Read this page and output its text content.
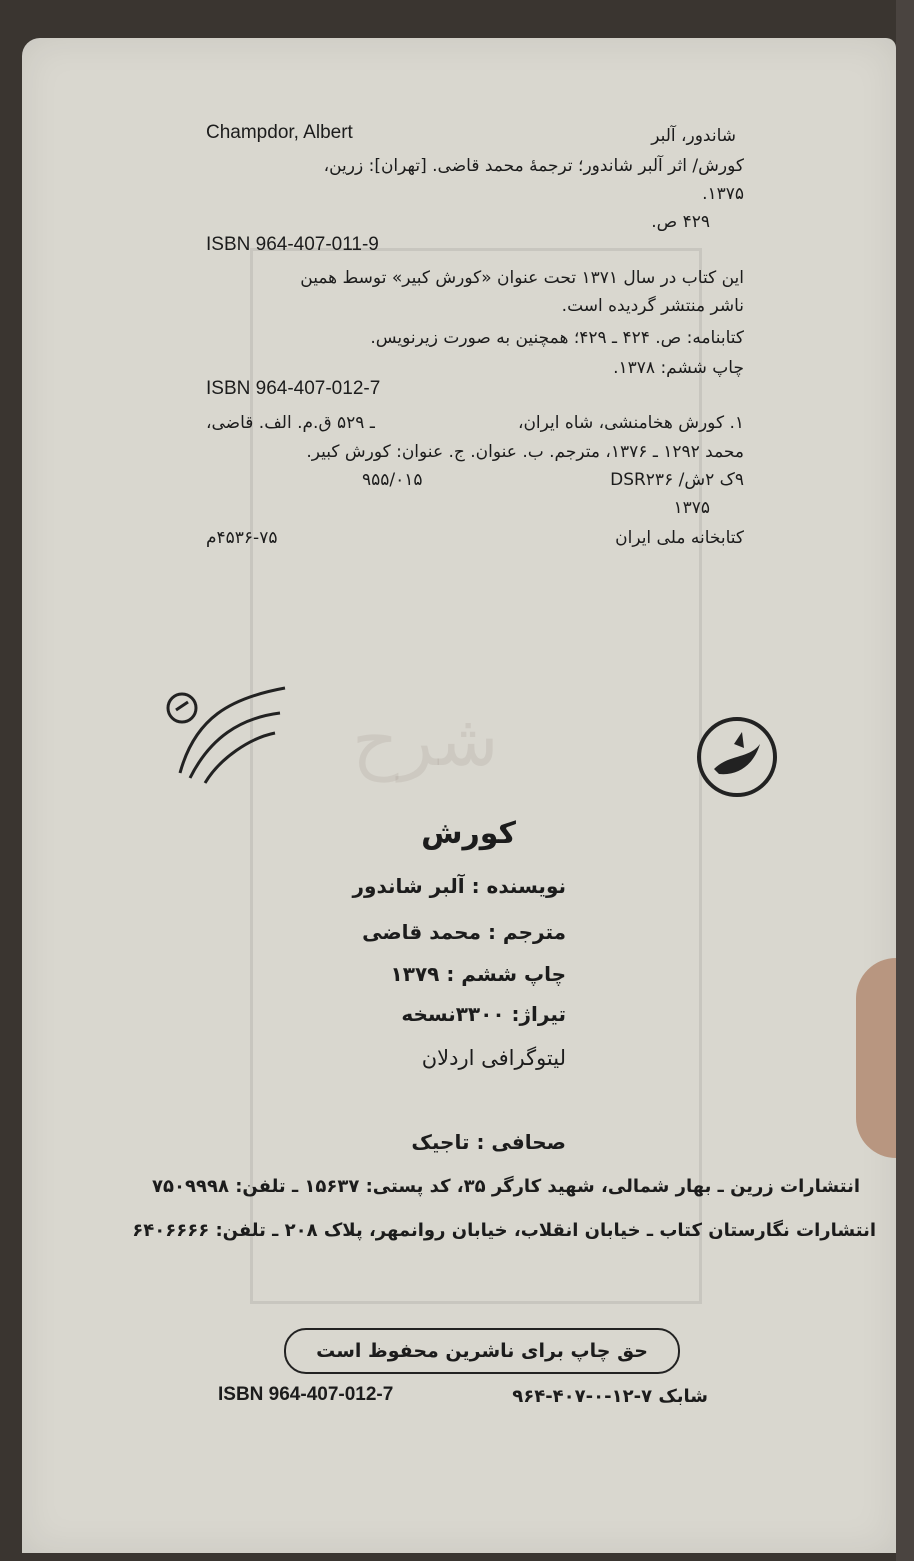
Champdor, Albert	شاندور، آلبر
کورش/ اثر آلبر شاندور؛ ترجمهٔ محمد قاضی. [تهران]: زرین،
۱۳۷۵.
۴۲۹ ص.
ISBN 964-407-011-9
این کتاب در سال ۱۳۷۱ تحت عنوان «کورش کبیر» توسط همین
ناشر منتشر گردیده است.
کتابنامه: ص. ۴۲۴ ـ ۴۲۹؛ همچنین به صورت زیرنویس.
چاپ ششم: ۱۳۷۸.
ISBN 964-407-012-7
۱. کورش هخامنشی، شاه ایران،
ـ ۵۲۹ ق.م. الف. قاضی،
محمد ۱۲۹۲ ـ ۱۳۷۶، مترجم. ب. عنوان. ج. عنوان: کورش کبیر.
۹ک ۲ش/ DSR۲۳۶
۹۵۵/۰۱۵
۱۳۷۵
کتابخانه ملی ایران
۴۵۳۶-۷۵م
شرح
کورش
نویسنده : آلبر شاندور
مترجم : محمد قاضی
چاپ ششم : ۱۳۷۹
تیراژ: ۳۳۰۰نسخه
لیتوگرافی اردلان
صحافی : تاجیک
انتشارات زرین ـ بهار شمالی، شهید کارگر ۳۵، کد پستی: ۱۵۶۳۷ ـ تلفن: ۷۵۰۹۹۹۸
انتشارات نگارستان کتاب ـ خیابان انقلاب، خیابان روانمهر، پلاک ۲۰۸ ـ تلفن: ۶۴۰۶۶۶۶
حق چاپ برای ناشرین محفوظ است
شابک ۷-۱۲-۰-۴۰۷-۹۶۴
ISBN 964-407-012-7
